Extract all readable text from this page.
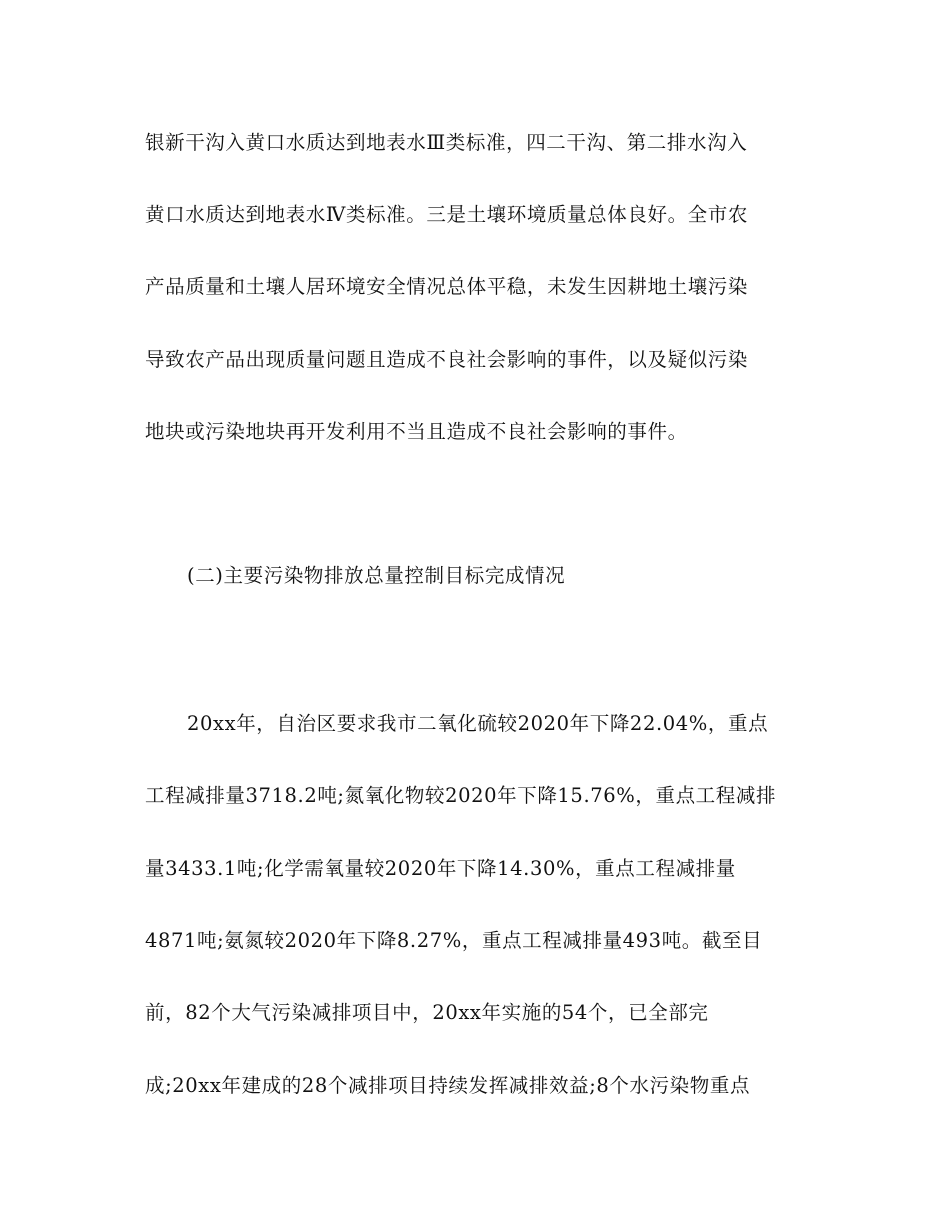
银新干沟入黄口水质达到地表水Ⅲ类标准，四二干沟、第二排水沟入
黄口水质达到地表水Ⅳ类标准。三是土壤环境质量总体良好。全市农
产品质量和土壤人居环境安全情况总体平稳，未发生因耕地土壤污染
导致农产品出现质量问题且造成不良社会影响的事件，以及疑似污染
地块或污染地块再开发利用不当且造成不良社会影响的事件。
(二)主要污染物排放总量控制目标完成情况
20xx年，自治区要求我市二氧化硫较2020年下降22.04%，重点
工程减排量3718.2吨;氮氧化物较2020年下降15.76%，重点工程减排
量3433.1吨;化学需氧量较2020年下降14.30%，重点工程减排量
4871吨;氨氮较2020年下降8.27%，重点工程减排量493吨。截至目
前，82个大气污染减排项目中，20xx年实施的54个，已全部完
成;20xx年建成的28个减排项目持续发挥减排效益;8个水污染物重点
